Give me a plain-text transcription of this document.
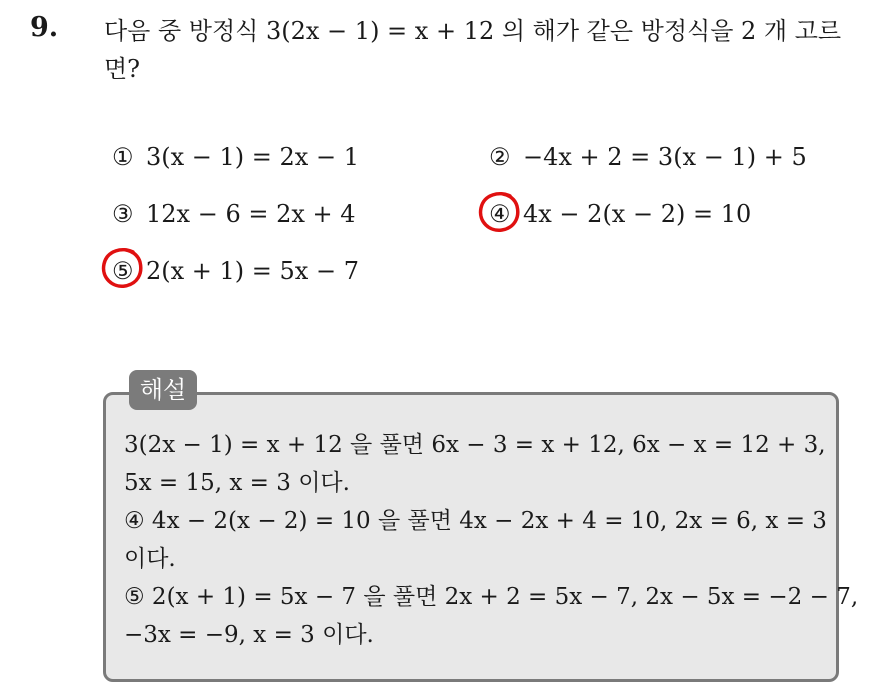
9. 다음 중 방정식 3(2x − 1) = x + 12 의 해가 같은 방정식을 2 개 고르면?
① 3(x − 1) = 2x − 1	② −4x + 2 = 3(x − 1) + 5
③ 12x − 6 = 2x + 4	④ 4x − 2(x − 2) = 10
⑤ 2(x + 1) = 5x − 7
해설
3(2x − 1) = x + 12 을 풀면 6x − 3 = x + 12, 6x − x = 12 + 3,
5x = 15, x = 3 이다.
④ 4x − 2(x − 2) = 10 을 풀면 4x − 2x + 4 = 10, 2x = 6, x = 3
이다.
⑤ 2(x + 1) = 5x − 7 을 풀면 2x + 2 = 5x − 7, 2x − 5x = −2 − 7,
−3x = −9, x = 3 이다.
